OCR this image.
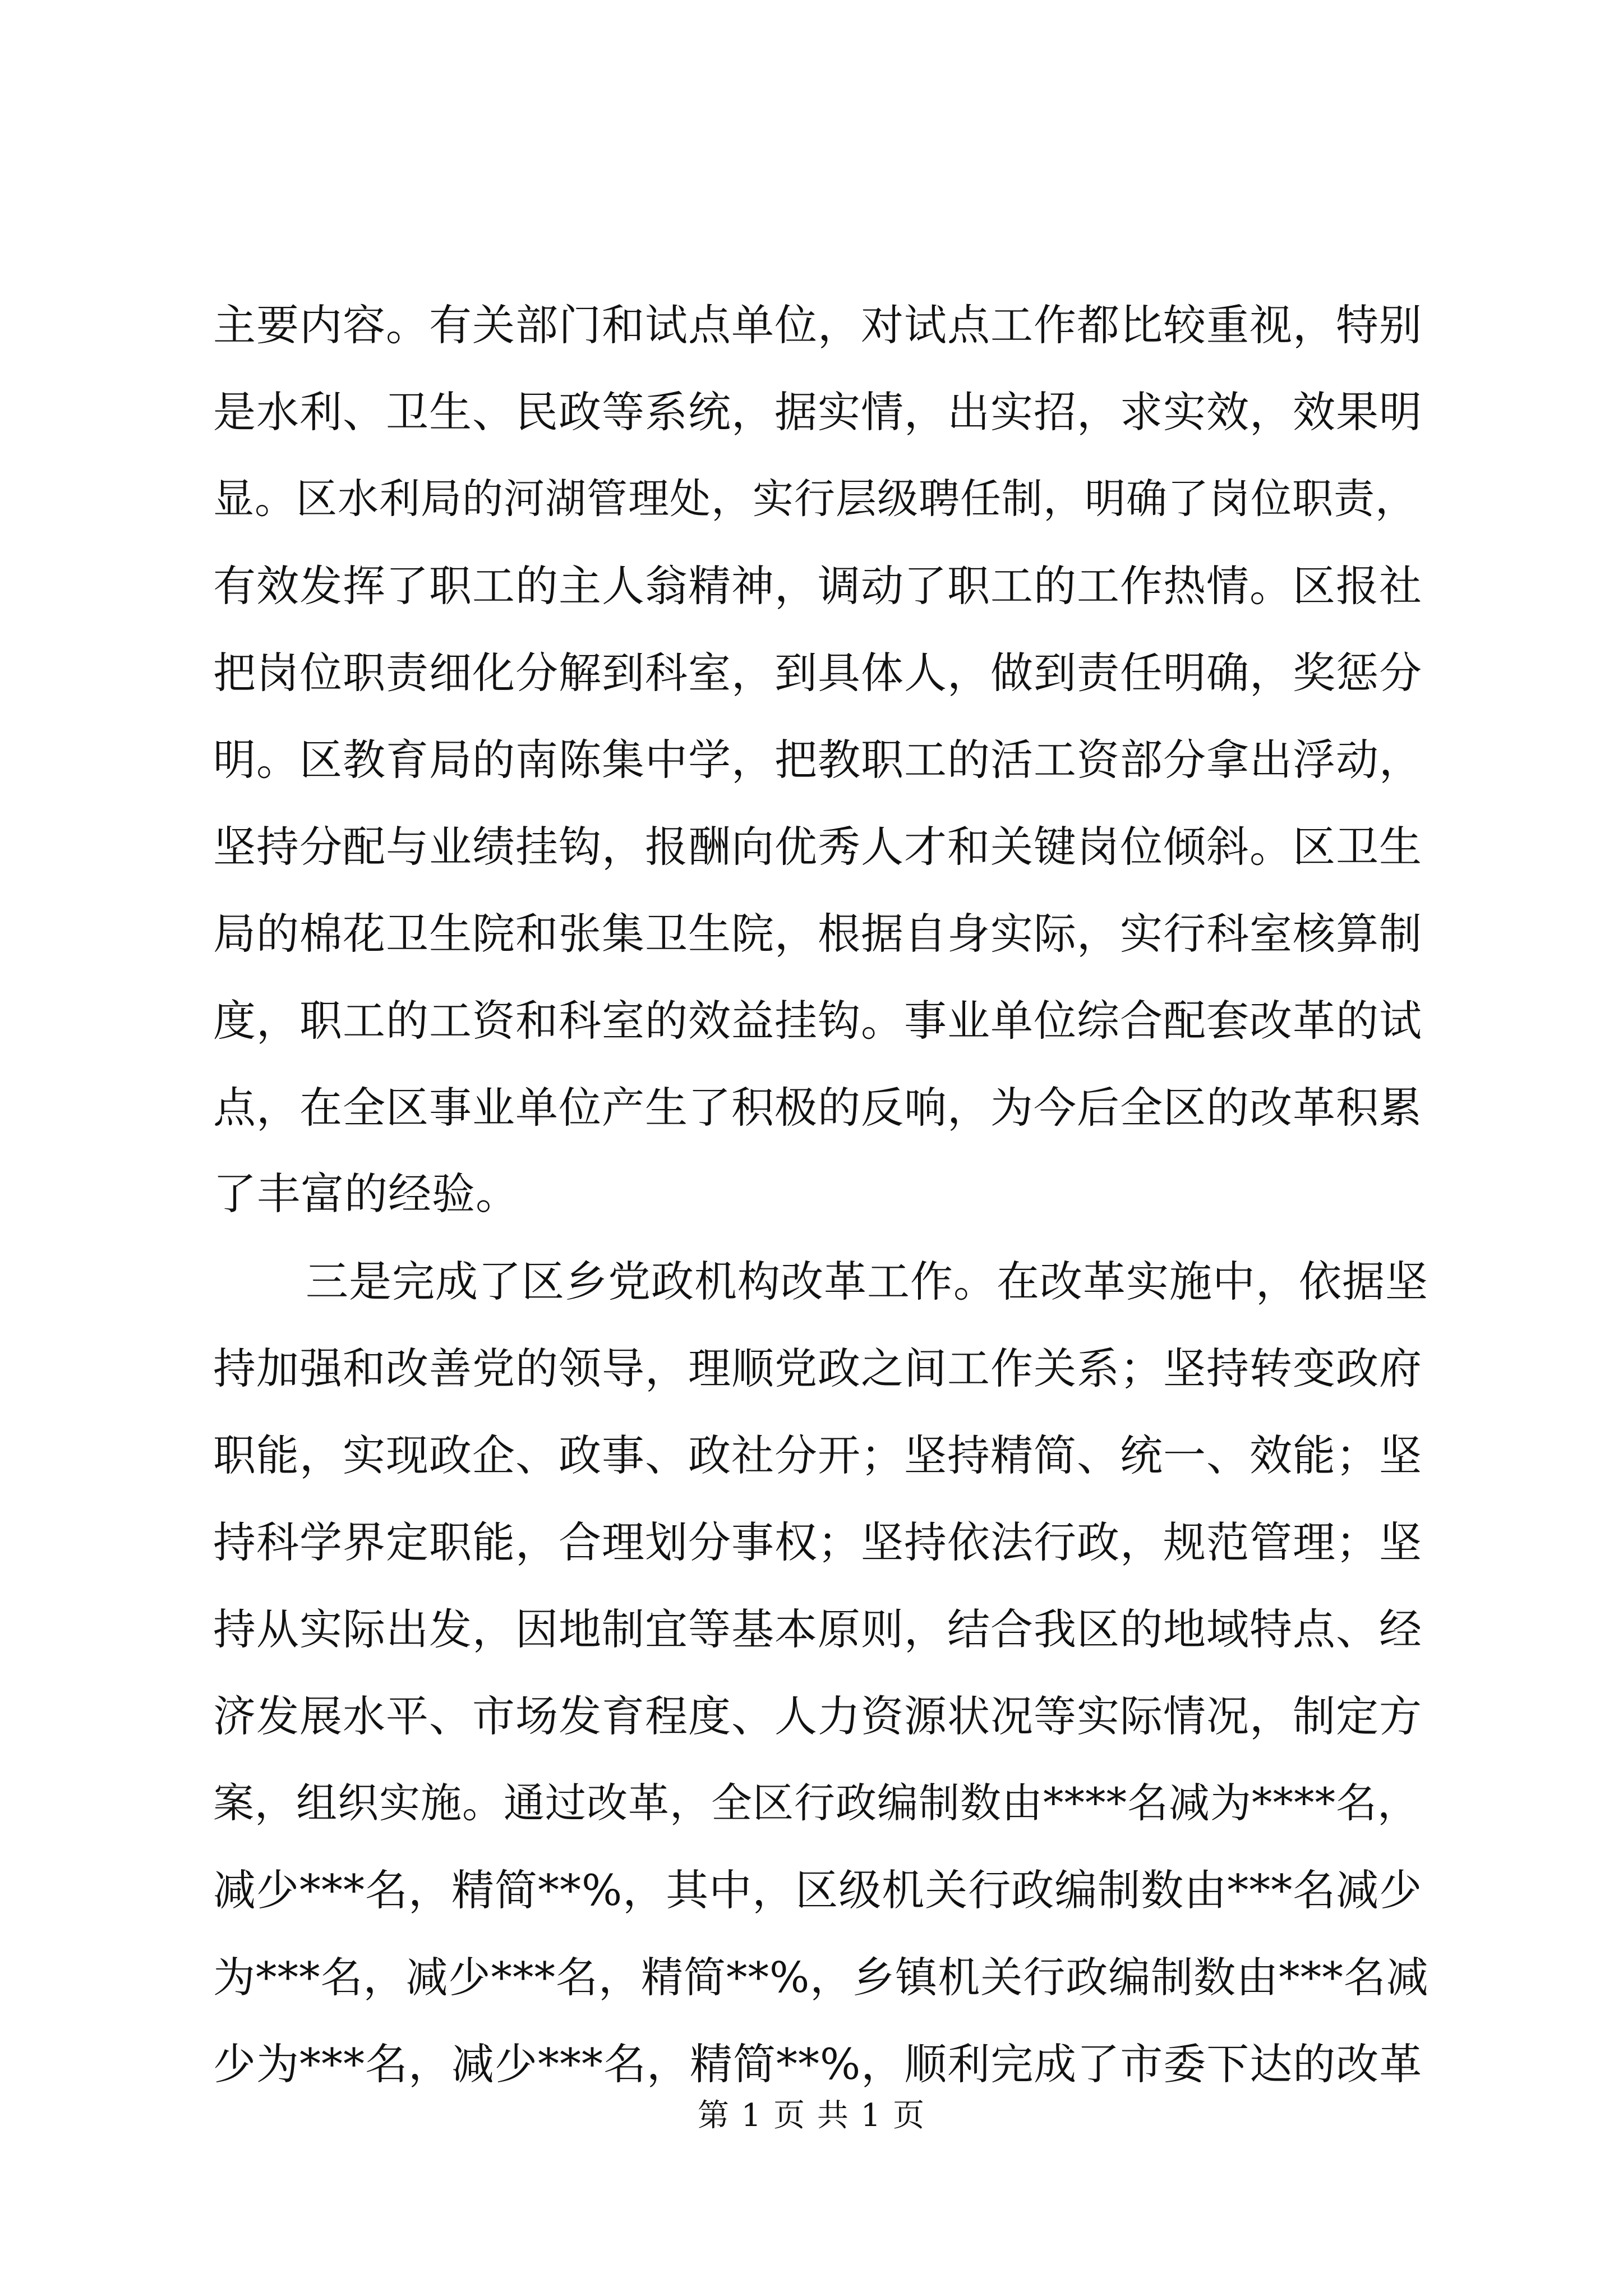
主要内容。有关部门和试点单位，对试点工作都比较重视，特别
是水利、卫生、民政等系统，据实情，出实招，求实效，效果明
显。区水利局的河湖管理处，实行层级聘任制，明确了岗位职责，
有效发挥了职工的主人翁精神，调动了职工的工作热情。区报社
把岗位职责细化分解到科室，到具体人，做到责任明确，奖惩分
明。区教育局的南陈集中学，把教职工的活工资部分拿出浮动，
坚持分配与业绩挂钩，报酬向优秀人才和关键岗位倾斜。区卫生
局的棉花卫生院和张集卫生院，根据自身实际，实行科室核算制
度，职工的工资和科室的效益挂钩。事业单位综合配套改革的试
点，在全区事业单位产生了积极的反响，为今后全区的改革积累
了丰富的经验。
三是完成了区乡党政机构改革工作。在改革实施中，依据坚
持加强和改善党的领导，理顺党政之间工作关系；坚持转变政府
职能，实现政企、政事、政社分开；坚持精简、统一、效能；坚
持科学界定职能，合理划分事权；坚持依法行政，规范管理；坚
持从实际出发，因地制宜等基本原则，结合我区的地域特点、经
济发展水平、市场发育程度、人力资源状况等实际情况，制定方
案，组织实施。通过改革，全区行政编制数由****名减为****名，
减少***名，精简**%，其中，区级机关行政编制数由***名减少
为***名，减少***名，精简**%，乡镇机关行政编制数由***名减
少为***名，减少***名，精简**%，顺利完成了市委下达的改革
第 1 页 共 1 页
